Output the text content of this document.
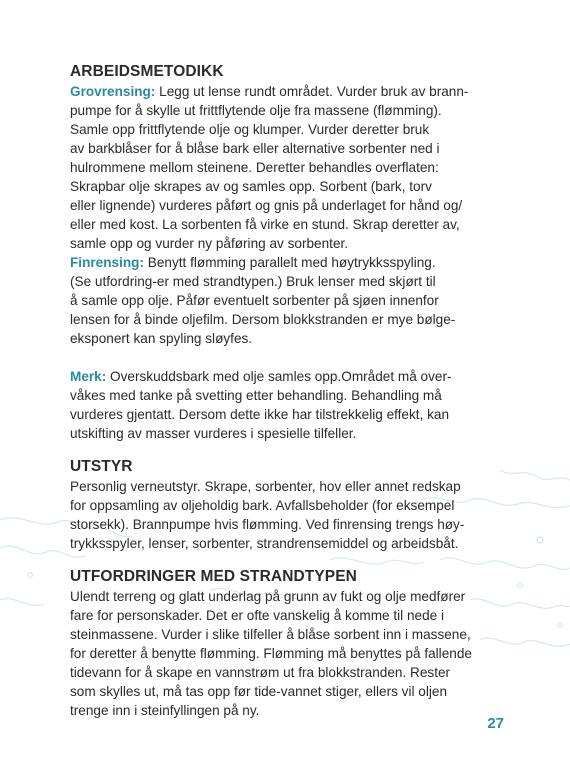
ARBEIDSMETODIKK
Grovrensing: Legg ut lense rundt området. Vurder bruk av brann-
pumpe for å skylle ut frittflytende olje fra massene (flømming).
Samle opp frittflytende olje og klumper. Vurder deretter bruk
av barkblåser for å blåse bark eller alternative sorbenter ned i
hulrommene mellom steinene. Deretter behandles overflaten:
Skrapbar olje skrapes av og samles opp. Sorbent (bark, torv
eller lignende) vurderes påført og gnis på underlaget for hånd og/
eller med kost. La sorbenten få virke en stund. Skrap deretter av,
samle opp og vurder ny påføring av sorbenter.
Finrensing: Benytt flømming parallelt med høytrykksspyling.
(Se utfordring-er med strandtypen.) Bruk lenser med skjørt til
å samle opp olje. Påfør eventuelt sorbenter på sjøen innenfor
lensen for å binde oljefilm. Dersom blokkstranden er mye bølge-
eksponert kan spyling sløyfes.
Merk: Overskuddsbark med olje samles opp.Området må over-
våkes med tanke på svetting etter behandling. Behandling må
vurderes gjentatt. Dersom dette ikke har tilstrekkelig effekt, kan
utskifting av masser vurderes i spesielle tilfeller.
UTSTYR
Personlig verneutstyr. Skrape, sorbenter, hov eller annet redskap
for oppsamling av oljeholdig bark. Avfallsbeholder (for eksempel
storsekk). Brannpumpe hvis flømming. Ved finrensing trengs høy-
trykksspyler, lenser, sorbenter, strandrensemiddel og arbeidsbåt.
UTFORDRINGER MED STRANDTYPEN
Ulendt terreng og glatt underlag på grunn av fukt og olje medfører
fare for personskader. Det er ofte vanskelig å komme til nede i
steinmassene. Vurder i slike tilfeller å blåse sorbent inn i massene,
for deretter å benytte flømming. Flømming må benyttes på fallende
tidevann for å skape en vannstrøm ut fra blokkstranden. Rester
som skylles ut, må tas opp før tide-vannet stiger, ellers vil oljen
trenge inn i steinfyllingen på ny.
27
